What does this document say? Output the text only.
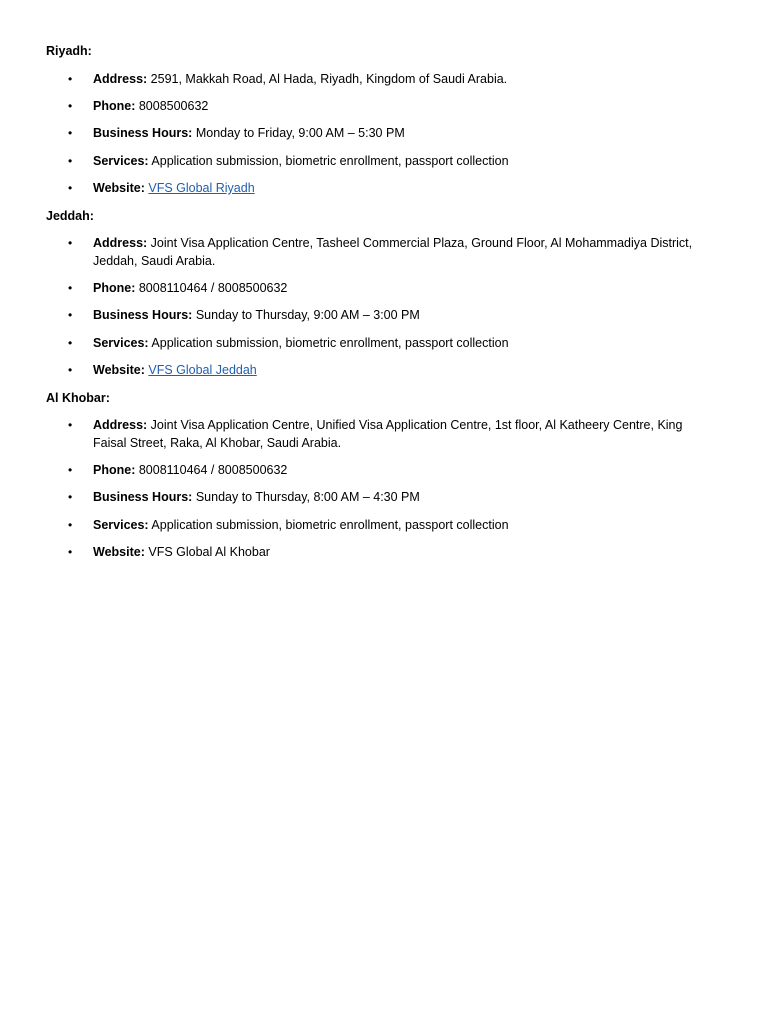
Riyadh:
• Address: 2591, Makkah Road, Al Hada, Riyadh, Kingdom of Saudi Arabia.
• Phone: 8008500632
• Business Hours: Monday to Friday, 9:00 AM – 5:30 PM
• Services: Application submission, biometric enrollment, passport collection
• Website: VFS Global Riyadh
Jeddah:
• Address: Joint Visa Application Centre, Tasheel Commercial Plaza, Ground Floor, Al Mohammadiya District, Jeddah, Saudi Arabia.
• Phone: 8008110464 / 8008500632
• Business Hours: Sunday to Thursday, 9:00 AM – 3:00 PM
• Services: Application submission, biometric enrollment, passport collection
• Website: VFS Global Jeddah
Al Khobar:
• Address: Joint Visa Application Centre, Unified Visa Application Centre, 1st floor, Al Katheery Centre, King Faisal Street, Raka, Al Khobar, Saudi Arabia.
• Phone: 8008110464 / 8008500632
• Business Hours: Sunday to Thursday, 8:00 AM – 4:30 PM
• Services: Application submission, biometric enrollment, passport collection
• Website: VFS Global Al Khobar
